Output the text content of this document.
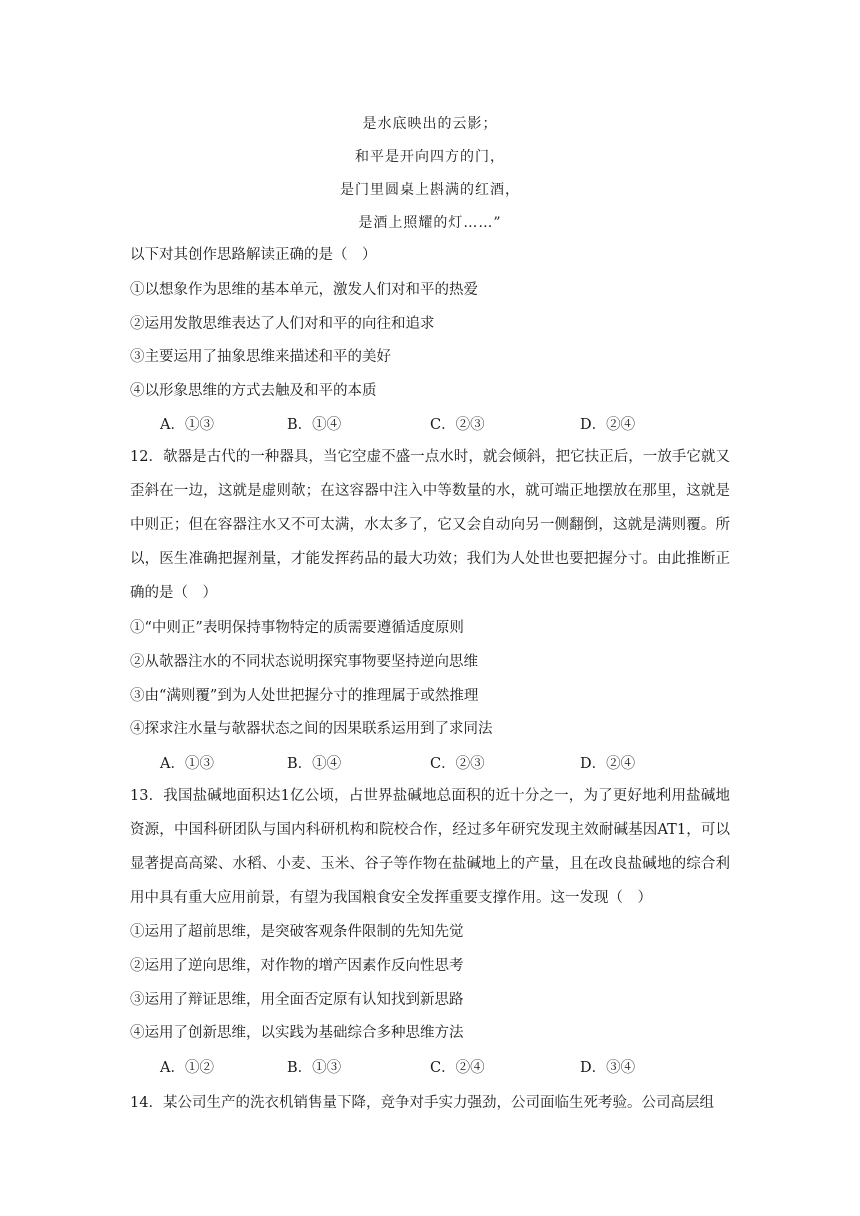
是水底映出的云影；
和平是开向四方的门，
是门里圆桌上斟满的红酒，
是酒上照耀的灯……”
以下对其创作思路解读正确的是（　）
①以想象作为思维的基本单元，激发人们对和平的热爱
②运用发散思维表达了人们对和平的向往和追求
③主要运用了抽象思维来描述和平的美好
④以形象思维的方式去触及和平的本质
A．①③	B．①④	C．②③	D．②④
12．欹器是古代的一种器具，当它空虚不盛一点水时，就会倾斜，把它扶正后，一放手它就又歪斜在一边，这就是虚则欹；在这容器中注入中等数量的水，就可端正地摆放在那里，这就是中则正；但在容器注水又不可太满，水太多了，它又会自动向另一侧翻倒，这就是满则覆。所以，医生准确把握剂量，才能发挥药品的最大功效；我们为人处世也要把握分寸。由此推断正确的是（　）
①“中则正”表明保持事物特定的质需要遵循适度原则
②从欹器注水的不同状态说明探究事物要坚持逆向思维
③由“满则覆”到为人处世把握分寸的推理属于或然推理
④探求注水量与欹器状态之间的因果联系运用到了求同法
A．①③	B．①④	C．②③	D．②④
13．我国盐碱地面积达1亿公顷，占世界盐碱地总面积的近十分之一，为了更好地利用盐碱地资源，中国科研团队与国内科研机构和院校合作，经过多年研究发现主效耐碱基因AT1，可以显著提高高粱、水稻、小麦、玉米、谷子等作物在盐碱地上的产量，且在改良盐碱地的综合利用中具有重大应用前景，有望为我国粮食安全发挥重要支撑作用。这一发现（　）
①运用了超前思维，是突破客观条件限制的先知先觉
②运用了逆向思维，对作物的增产因素作反向性思考
③运用了辩证思维，用全面否定原有认知找到新思路
④运用了创新思维，以实践为基础综合多种思维方法
A．①②	B．①③	C．②④	D．③④
14．某公司生产的洗衣机销售量下降，竞争对手实力强劲，公司面临生死考验。公司高层组
